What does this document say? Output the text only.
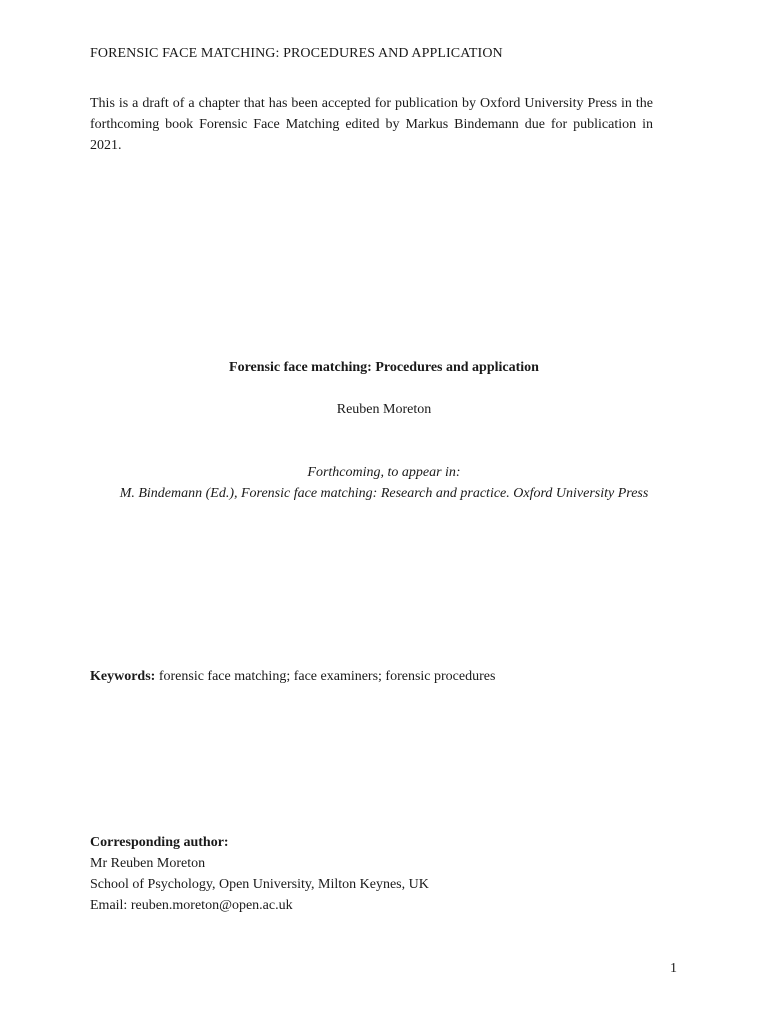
FORENSIC FACE MATCHING: PROCEDURES AND APPLICATION
This is a draft of a chapter that has been accepted for publication by Oxford University Press in the forthcoming book Forensic Face Matching edited by Markus Bindemann due for publication in 2021.
Forensic face matching: Procedures and application
Reuben Moreton
Forthcoming, to appear in:
M. Bindemann (Ed.), Forensic face matching: Research and practice. Oxford University Press
Keywords: forensic face matching; face examiners; forensic procedures
Corresponding author:
Mr Reuben Moreton
School of Psychology, Open University, Milton Keynes, UK
Email: reuben.moreton@open.ac.uk
1
